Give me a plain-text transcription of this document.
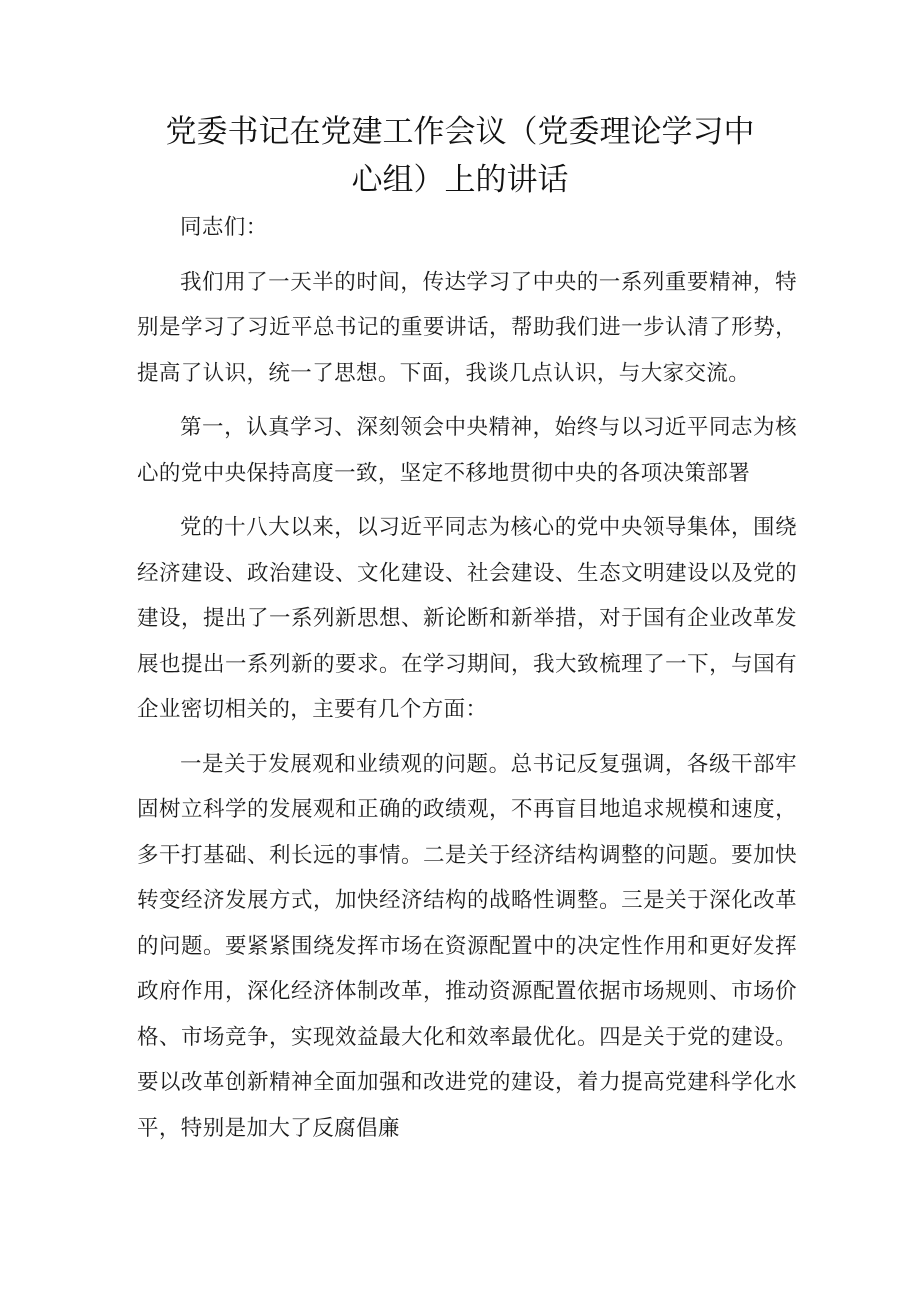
党委书记在党建工作会议（党委理论学习中
心组）上的讲话

同志们：

我们用了一天半的时间，传达学习了中央的一系列重要精神，特别是学习了习近平总书记的重要讲话，帮助我们进一步认清了形势，提高了认识，统一了思想。下面，我谈几点认识，与大家交流。

第一，认真学习、深刻领会中央精神，始终与以习近平同志为核心的党中央保持高度一致，坚定不移地贯彻中央的各项决策部署

党的十八大以来，以习近平同志为核心的党中央领导集体，围绕经济建设、政治建设、文化建设、社会建设、生态文明建设以及党的建设，提出了一系列新思想、新论断和新举措，对于国有企业改革发展也提出一系列新的要求。在学习期间，我大致梳理了一下，与国有企业密切相关的，主要有几个方面：

一是关于发展观和业绩观的问题。总书记反复强调，各级干部牢固树立科学的发展观和正确的政绩观，不再盲目地追求规模和速度，多干打基础、利长远的事情。二是关于经济结构调整的问题。要加快转变经济发展方式，加快经济结构的战略性调整。三是关于深化改革的问题。要紧紧围绕发挥市场在资源配置中的决定性作用和更好发挥政府作用，深化经济体制改革，推动资源配置依据市场规则、市场价格、市场竞争，实现效益最大化和效率最优化。四是关于党的建设。要以改革创新精神全面加强和改进党的建设，着力提高党建科学化水平，特别是加大了反腐倡廉
